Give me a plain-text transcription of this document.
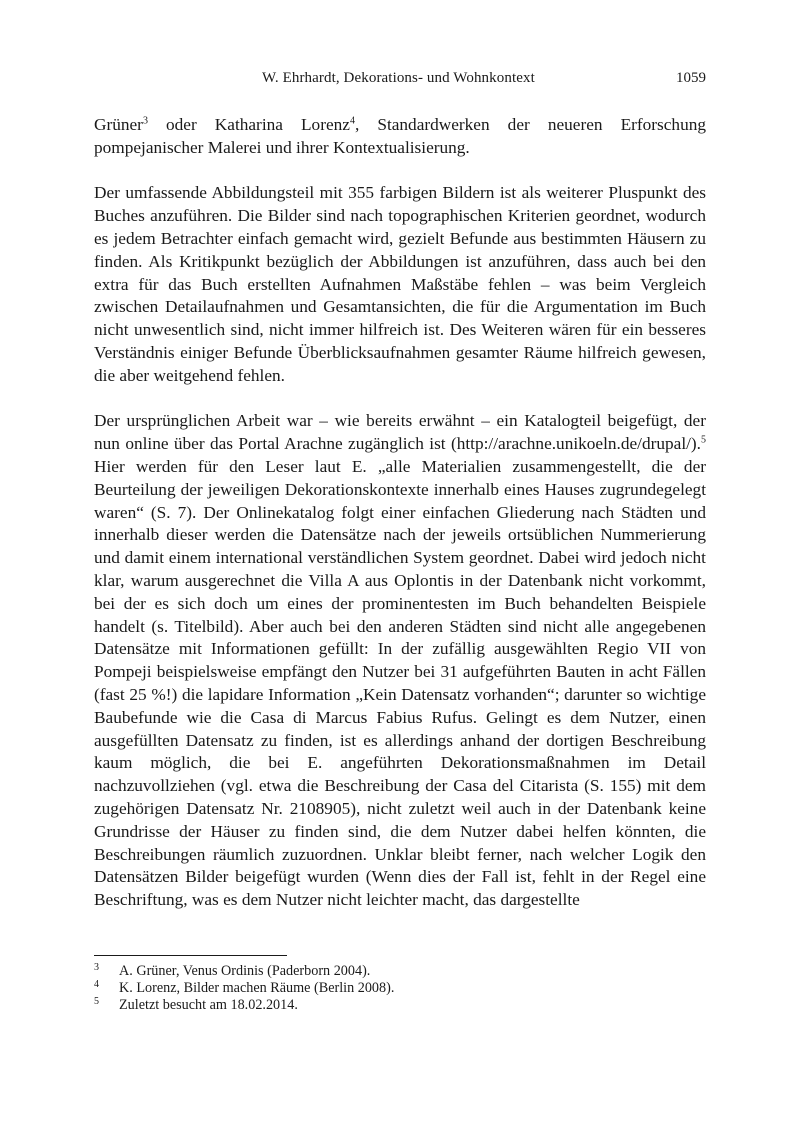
W. Ehrhardt, Dekorations- und Wohnkontext	1059

Grüner$^3$ oder Katharina Lorenz$^4$, Standardwerken der neueren Erforschung pompejanischer Malerei und ihrer Kontextualisierung.

Der umfassende Abbildungsteil mit 355 farbigen Bildern ist als weiterer Pluspunkt des Buches anzuführen. Die Bilder sind nach topographischen Kriterien geordnet, wodurch es jedem Betrachter einfach gemacht wird, gezielt Befunde aus bestimmten Häusern zu finden. Als Kritikpunkt bezüglich der Abbildungen ist anzuführen, dass auch bei den extra für das Buch erstellten Aufnahmen Maßstäbe fehlen – was beim Vergleich zwischen Detailaufnahmen und Gesamtansichten, die für die Argumentation im Buch nicht unwesentlich sind, nicht immer hilfreich ist. Des Weiteren wären für ein besseres Verständnis einiger Befunde Überblicksaufnahmen gesamter Räume hilfreich gewesen, die aber weitgehend fehlen.

Der ursprünglichen Arbeit war – wie bereits erwähnt – ein Katalogteil beigefügt, der nun online über das Portal Arachne zugänglich ist (http://arachne.unikoeln.de/drupal/).$^5$ Hier werden für den Leser laut E. „alle Materialien zusammengestellt, die der Beurteilung der jeweiligen Dekorationskontexte innerhalb eines Hauses zugrundegelegt waren“ (S. 7). Der Onlinekatalog folgt einer einfachen Gliederung nach Städten und innerhalb dieser werden die Datensätze nach der jeweils ortsüblichen Nummerierung und damit einem international verständlichen System geordnet. Dabei wird jedoch nicht klar, warum ausgerechnet die Villa A aus Oplontis in der Datenbank nicht vorkommt, bei der es sich doch um eines der prominentesten im Buch behandelten Beispiele handelt (s. Titelbild). Aber auch bei den anderen Städten sind nicht alle angegebenen Datensätze mit Informationen gefüllt: In der zufällig ausgewählten Regio VII von Pompeji beispielsweise empfängt den Nutzer bei 31 aufgeführten Bauten in acht Fällen (fast 25 %!) die lapidare Information „Kein Datensatz vorhanden“; darunter so wichtige Baubefunde wie die Casa di Marcus Fabius Rufus. Gelingt es dem Nutzer, einen ausgefüllten Datensatz zu finden, ist es allerdings anhand der dortigen Beschreibung kaum möglich, die bei E. angeführten Dekorationsmaßnahmen im Detail nachzuvollziehen (vgl. etwa die Beschreibung der Casa del Citarista (S. 155) mit dem zugehörigen Datensatz Nr. 2108905), nicht zuletzt weil auch in der Datenbank keine Grundrisse der Häuser zu finden sind, die dem Nutzer dabei helfen könnten, die Beschreibungen räumlich zuzuordnen. Unklar bleibt ferner, nach welcher Logik den Datensätzen Bilder beigefügt wurden (Wenn dies der Fall ist, fehlt in der Regel eine Beschriftung, was es dem Nutzer nicht leichter macht, das dargestellte

3 A. Grüner, Venus Ordinis (Paderborn 2004).
4 K. Lorenz, Bilder machen Räume (Berlin 2008).
5 Zuletzt besucht am 18.02.2014.
